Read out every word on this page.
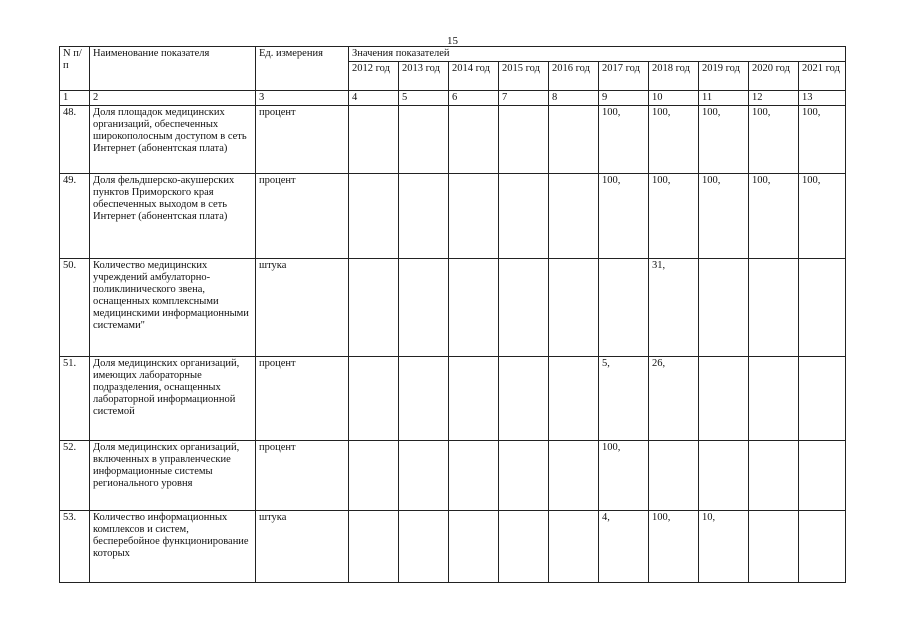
15
N п/п	Наименование показателя	Ед. измерения	Значения показателей									
			2012 год	2013 год	2014 год	2015 год	2016 год	2017 год	2018 год	2019 год	2020 год	2021 год
1	2	3	4	5	6	7	8	9	10	11	12	13
48.	Доля площадок медицинских организаций, обеспеченных широкополосным доступом в сеть Интернет (абонентская плата)	процент						100,	100,	100,	100,	100,
49.	Доля фельдшерско-акушерских пунктов Приморского края обеспеченных выходом в сеть Интернет (абонентская плата)	процент						100,	100,	100,	100,	100,
50.	Количество медицинских учреждений амбулаторно-поликлинического звена, оснащенных комплексными медицинскими информационными системами"	штука							31,			
51.	Доля медицинских организаций, имеющих лабораторные подразделения, оснащенных лабораторной информационной системой	процент						5,	26,			
52.	Доля медицинских организаций, включенных в управленческие информационные системы регионального уровня	процент						100,				
53.	Количество информационных комплексов и систем, бесперебойное функционирование которых	штука						4,	100,	10,		
